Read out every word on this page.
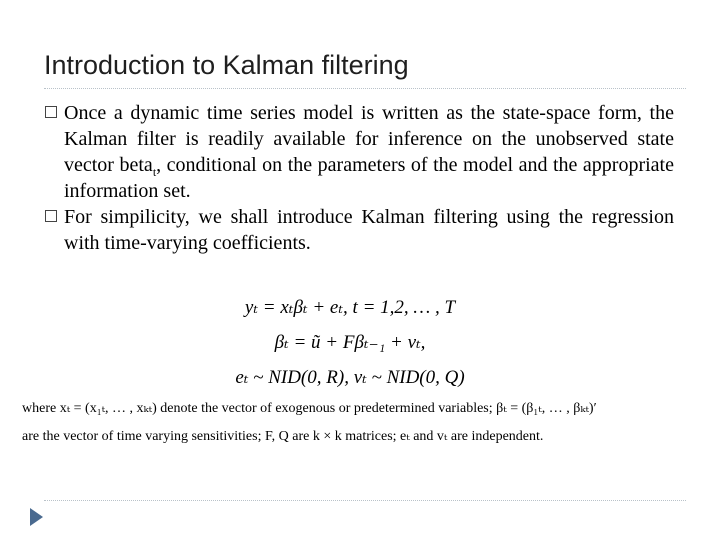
Introduction to Kalman filtering
Once a dynamic time series model is written as the state-space form, the Kalman filter is readily available for inference on the unobserved state vector beta$_t$, conditional on the parameters of the model and the appropriate information set.
For simpilicity, we shall introduce Kalman filtering using the regression with time-varying coefficients.
yₜ = xₜβₜ + eₜ, t = 1,2, … , T
βₜ = ũ + Fβₜ₋₁ + vₜ,
eₜ ~ NID(0, R), vₜ ~ NID(0, Q)
where xₜ = (x₁ₜ, … , xₖₜ) denote the vector of exogenous or predetermined variables; βₜ = (β₁ₜ, … , βₖₜ)′
are the vector of time varying sensitivities; F, Q are k × k matrices; eₜ and vₜ are independent.
